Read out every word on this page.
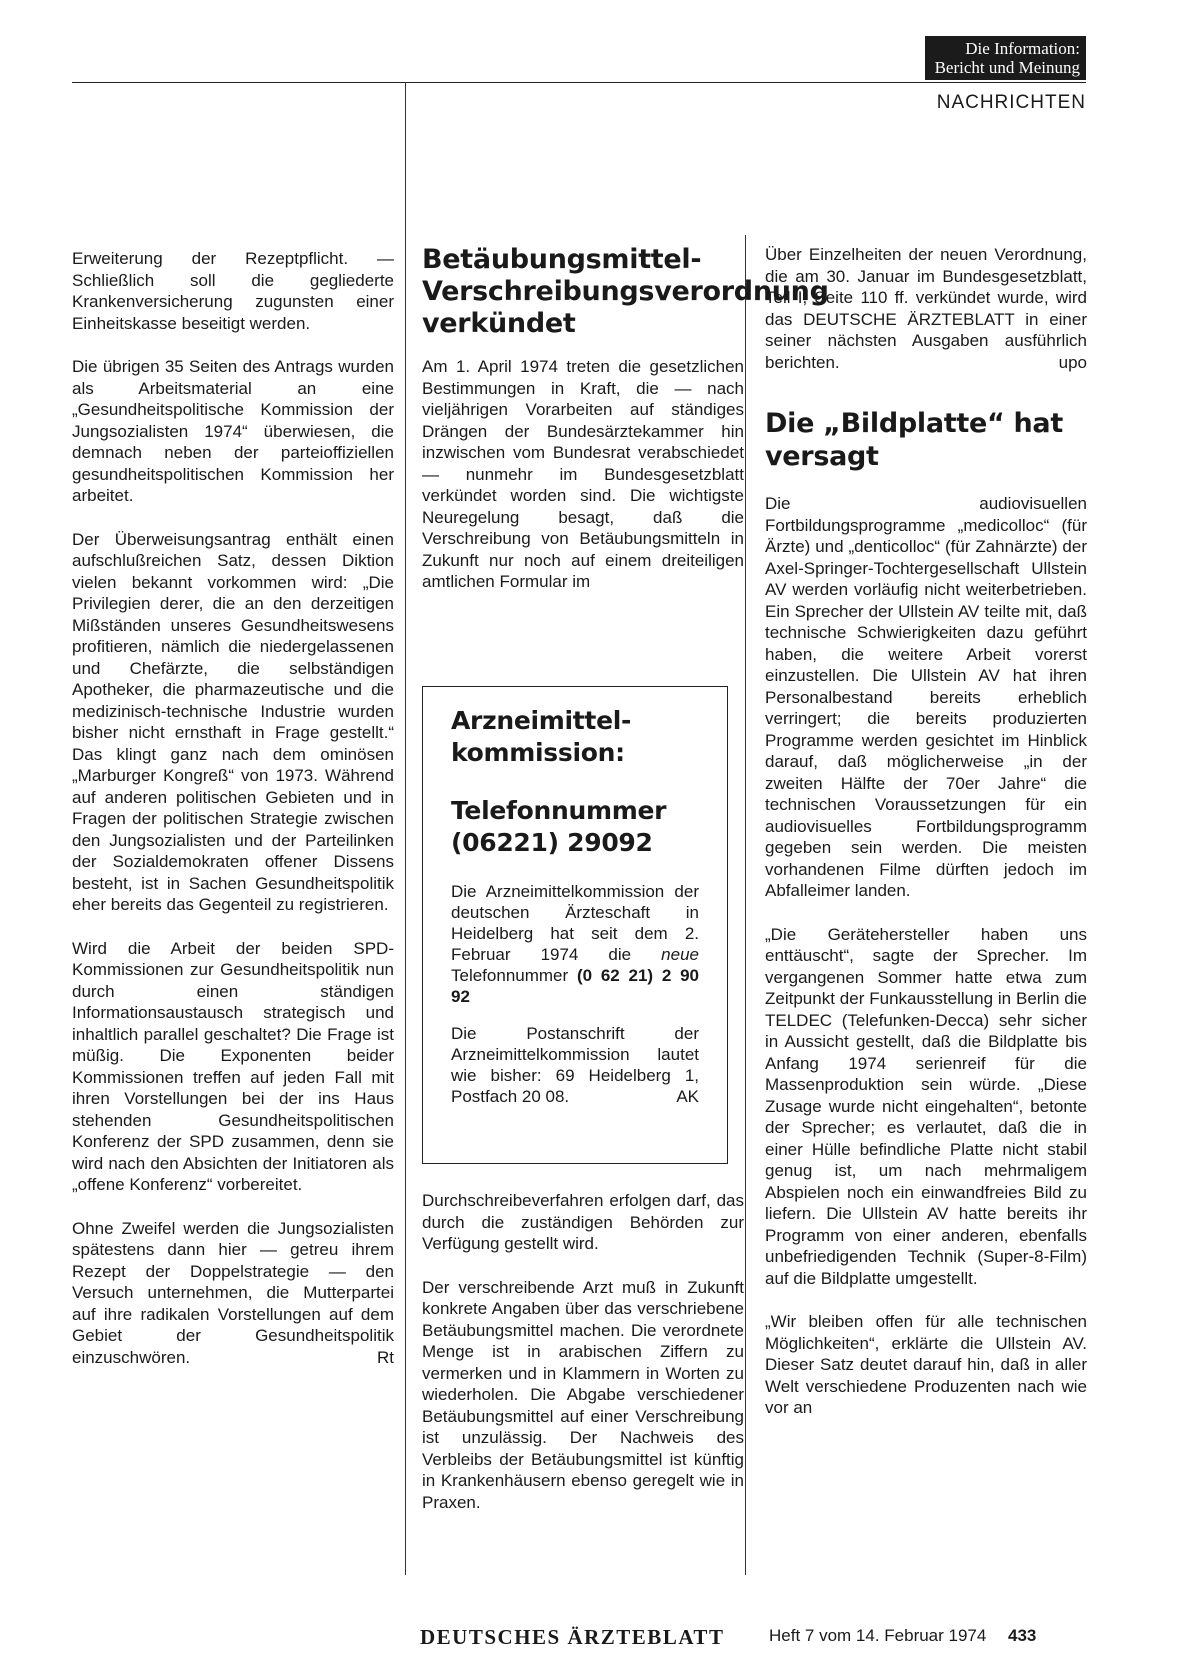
Die Information:
Bericht und Meinung
NACHRICHTEN

Erweiterung der Rezeptpflicht. — Schließlich soll die gegliederte Krankenversicherung zugunsten einer Einheitskasse beseitigt werden.

Die übrigen 35 Seiten des Antrags wurden als Arbeitsmaterial an eine „Gesundheitspolitische Kommission der Jungsozialisten 1974“ überwiesen, die demnach neben der parteioffiziellen gesundheitspolitischen Kommission her arbeitet.

Der Überweisungsantrag enthält einen aufschlußreichen Satz, dessen Diktion vielen bekannt vorkommen wird: „Die Privilegien derer, die an den derzeitigen Mißständen unseres Gesundheitswesens profitieren, nämlich die niedergelassenen und Chefärzte, die selbständigen Apotheker, die pharmazeutische und die medizinisch-technische Industrie wurden bisher nicht ernsthaft in Frage gestellt.“ Das klingt ganz nach dem ominösen „Marburger Kongreß“ von 1973. Während auf anderen politischen Gebieten und in Fragen der politischen Strategie zwischen den Jungsozialisten und der Parteilinken der Sozialdemokraten offener Dissens besteht, ist in Sachen Gesundheitspolitik eher bereits das Gegenteil zu registrieren.

Wird die Arbeit der beiden SPD-Kommissionen zur Gesundheitspolitik nun durch einen ständigen Informationsaustausch strategisch und inhaltlich parallel geschaltet? Die Frage ist müßig. Die Exponenten beider Kommissionen treffen auf jeden Fall mit ihren Vorstellungen bei der ins Haus stehenden Gesundheitspolitischen Konferenz der SPD zusammen, denn sie wird nach den Absichten der Initiatoren als „offene Konferenz“ vorbereitet.

Ohne Zweifel werden die Jungsozialisten spätestens dann hier — getreu ihrem Rezept der Doppelstrategie — den Versuch unternehmen, die Mutterpartei auf ihre radikalen Vorstellungen auf dem Gebiet der Gesundheitspolitik einzuschwören.	Rt

Betäubungsmittel-Verschreibungsverordnung verkündet

Am 1. April 1974 treten die gesetzlichen Bestimmungen in Kraft, die — nach vieljährigen Vorarbeiten auf ständiges Drängen der Bundesärztekammer hin inzwischen vom Bundesrat verabschiedet — nunmehr im Bundesgesetzblatt verkündet worden sind. Die wichtigste Neuregelung besagt, daß die Verschreibung von Betäubungsmitteln in Zukunft nur noch auf einem dreiteiligen amtlichen Formular im

Arzneimittel-kommission:
Telefonnummer (06221) 29092

Die Arzneimittelkommission der deutschen Ärzteschaft in Heidelberg hat seit dem 2. Februar 1974 die neue Telefonnummer (0 62 21) 2 90 92

Die Postanschrift der Arzneimittelkommission lautet wie bisher: 69 Heidelberg 1, Postfach 20 08.	AK

Durchschreibeverfahren erfolgen darf, das durch die zuständigen Behörden zur Verfügung gestellt wird.

Der verschreibende Arzt muß in Zukunft konkrete Angaben über das verschriebene Betäubungsmittel machen. Die verordnete Menge ist in arabischen Ziffern zu vermerken und in Klammern in Worten zu wiederholen. Die Abgabe verschiedener Betäubungsmittel auf einer Verschreibung ist unzulässig. Der Nachweis des Verbleibs der Betäubungsmittel ist künftig in Krankenhäusern ebenso geregelt wie in Praxen.

Über Einzelheiten der neuen Verordnung, die am 30. Januar im Bundesgesetzblatt, Teil I, Seite 110 ff. verkündet wurde, wird das DEUTSCHE ÄRZTEBLATT in einer seiner nächsten Ausgaben ausführlich berichten.	upo

Die „Bildplatte“ hat versagt

Die audiovisuellen Fortbildungsprogramme „medicolloc“ (für Ärzte) und „denticolloc“ (für Zahnärzte) der Axel-Springer-Tochtergesellschaft Ullstein AV werden vorläufig nicht weiterbetrieben. Ein Sprecher der Ullstein AV teilte mit, daß technische Schwierigkeiten dazu geführt haben, die weitere Arbeit vorerst einzustellen. Die Ullstein AV hat ihren Personalbestand bereits erheblich verringert; die bereits produzierten Programme werden gesichtet im Hinblick darauf, daß möglicherweise „in der zweiten Hälfte der 70er Jahre“ die technischen Voraussetzungen für ein audiovisuelles Fortbildungsprogramm gegeben sein werden. Die meisten vorhandenen Filme dürften jedoch im Abfalleimer landen.

„Die Gerätehersteller haben uns enttäuscht“, sagte der Sprecher. Im vergangenen Sommer hatte etwa zum Zeitpunkt der Funkausstellung in Berlin die TELDEC (Telefunken-Decca) sehr sicher in Aussicht gestellt, daß die Bildplatte bis Anfang 1974 serienreif für die Massenproduktion sein würde. „Diese Zusage wurde nicht eingehalten“, betonte der Sprecher; es verlautet, daß die in einer Hülle befindliche Platte nicht stabil genug ist, um nach mehrmaligem Abspielen noch ein einwandfreies Bild zu liefern. Die Ullstein AV hatte bereits ihr Programm von einer anderen, ebenfalls unbefriedigenden Technik (Super-8-Film) auf die Bildplatte umgestellt.

„Wir bleiben offen für alle technischen Möglichkeiten“, erklärte die Ullstein AV. Dieser Satz deutet darauf hin, daß in aller Welt verschiedene Produzenten nach wie vor an

DEUTSCHES ÄRZTEBLATT	Heft 7 vom 14. Februar 1974 433
